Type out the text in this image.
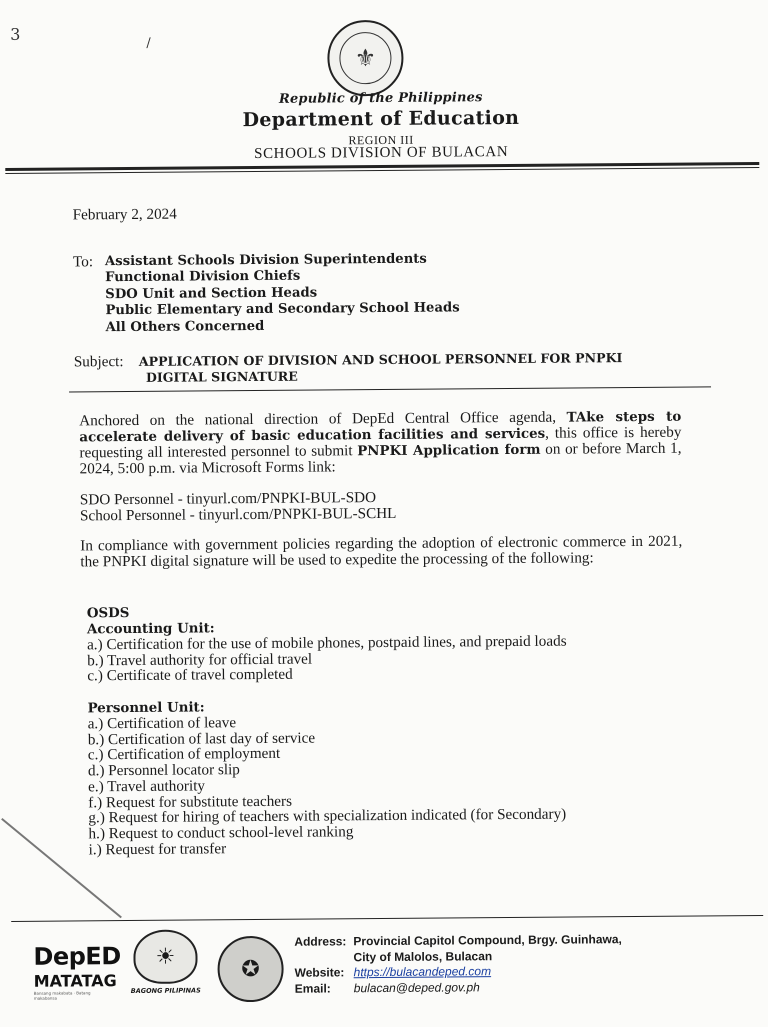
3	/
⚜
Republic of the Philippines
Department of Education
REGION III
SCHOOLS DIVISION OF BULACAN
February 2, 2024
To: Assistant Schools Division Superintendents
Functional Division Chiefs
SDO Unit and Section Heads
Public Elementary and Secondary School Heads
All Others Concerned
Subject: APPLICATION OF DIVISION AND SCHOOL PERSONNEL FOR PNPKI
DIGITAL SIGNATURE
Anchored on the national direction of DepEd Central Office agenda, TAke steps to accelerate delivery of basic education facilities and services, this office is hereby requesting all interested personnel to submit PNPKI Application form on or before March 1, 2024, 5:00 p.m. via Microsoft Forms link:
SDO Personnel - tinyurl.com/PNPKI-BUL-SDO
School Personnel - tinyurl.com/PNPKI-BUL-SCHL
In compliance with government policies regarding the adoption of electronic commerce in 2021, the PNPKI digital signature will be used to expedite the processing of the following:
OSDS
Accounting Unit:
a.) Certification for the use of mobile phones, postpaid lines, and prepaid loads
b.) Travel authority for official travel
c.) Certificate of travel completed
Personnel Unit:
a.) Certification of leave
b.) Certification of last day of service
c.) Certification of employment
d.) Personnel locator slip
e.) Travel authority
f.) Request for substitute teachers
g.) Request for hiring of teachers with specialization indicated (for Secondary)
h.) Request to conduct school-level ranking
i.) Request for transfer
DepED
MATATAG
Bansang makabata · Batang makabansa
☀
BAGONG PILIPINAS
✪
Address: Provincial Capitol Compound, Brgy. Guinhawa,
City of Malolos, Bulacan
Website: https://bulacandeped.com
Email:	bulacan@deped.gov.ph
